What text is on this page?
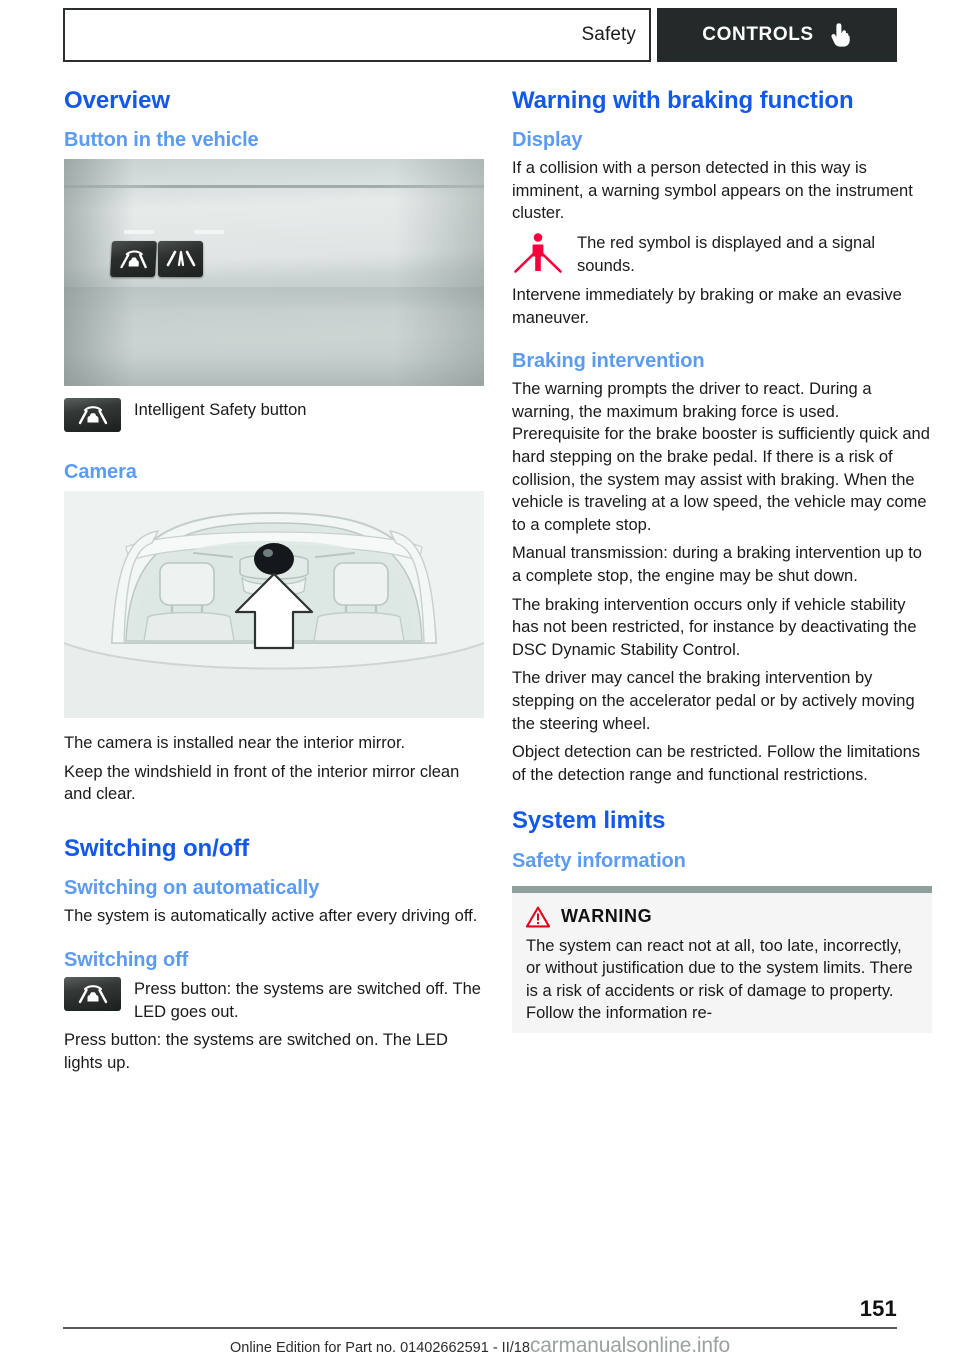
Safety	CONTROLS
Overview
Button in the vehicle
Intelligent Safety button
Camera

The camera is installed near the interior mirror.

Keep the windshield in front of the interior mirror clean and clear.

Switching on/off
Switching on automatically

The system is automatically active after every driving off.

Switching off
Press button: the systems are switched off. The LED goes out.

Press button: the systems are switched on. The LED lights up.

Warning with braking function
Display

If a collision with a person detected in this way is imminent, a warning symbol appears on the instrument cluster.

The red symbol is displayed and a signal sounds.

Intervene immediately by braking or make an evasive maneuver.

Braking intervention

The warning prompts the driver to react. During a warning, the maximum braking force is used. Prerequisite for the brake booster is sufficiently quick and hard stepping on the brake pedal. If there is a risk of collision, the system may assist with braking. When the vehicle is traveling at a low speed, the vehicle may come to a complete stop.

Manual transmission: during a braking intervention up to a complete stop, the engine may be shut down.

The braking intervention occurs only if vehicle stability has not been restricted, for instance by deactivating the DSC Dynamic Stability Control.

The driver may cancel the braking intervention by stepping on the accelerator pedal or by actively moving the steering wheel.

Object detection can be restricted. Follow the limitations of the detection range and functional restrictions.

System limits
Safety information
WARNING

The system can react not at all, too late, incorrectly, or without justification due to the system limits. There is a risk of accidents or risk of damage to property. Follow the information re-

151
Online Edition for Part no. 01402662591 - II/18carmanualsonline.info
